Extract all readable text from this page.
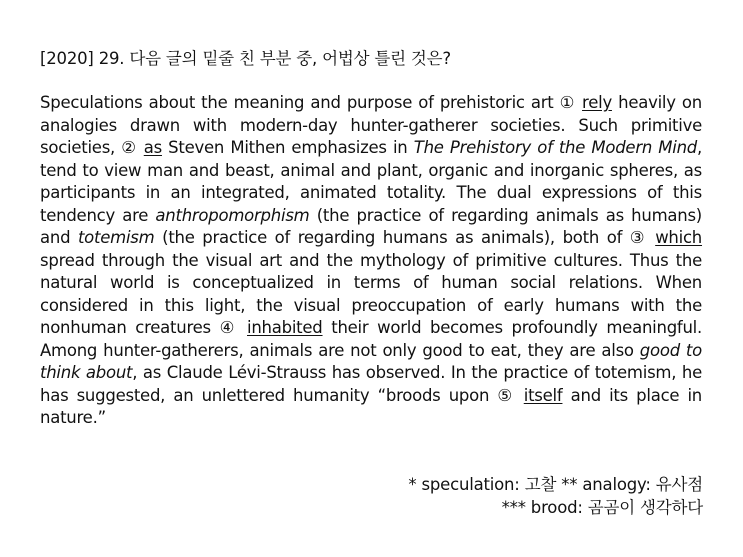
[2020] 29. 다음 글의 밑줄 친 부분 중, 어법상 틀린 것은?
Speculations about the meaning and purpose of prehistoric art ① rely heavily on analogies drawn with modern-day hunter-gatherer societies. Such primitive societies, ② as Steven Mithen emphasizes in The Prehistory of the Modern Mind, tend to view man and beast, animal and plant, organic and inorganic spheres, as participants in an integrated, animated totality. The dual expressions of this tendency are anthropomorphism (the practice of regarding animals as humans) and totemism (the practice of regarding humans as animals), both of ③ which spread through the visual art and the mythology of primitive cultures. Thus the natural world is conceptualized in terms of human social relations. When considered in this light, the visual preoccupation of early humans with the nonhuman creatures ④ inhabited their world becomes profoundly meaningful. Among hunter-gatherers, animals are not only good to eat, they are also good to think about, as Claude Lévi-Strauss has observed. In the practice of totemism, he has suggested, an unlettered humanity “broods upon ⑤ itself and its place in nature.”
* speculation: 고찰 ** analogy: 유사점
*** brood: 곰곰이 생각하다
